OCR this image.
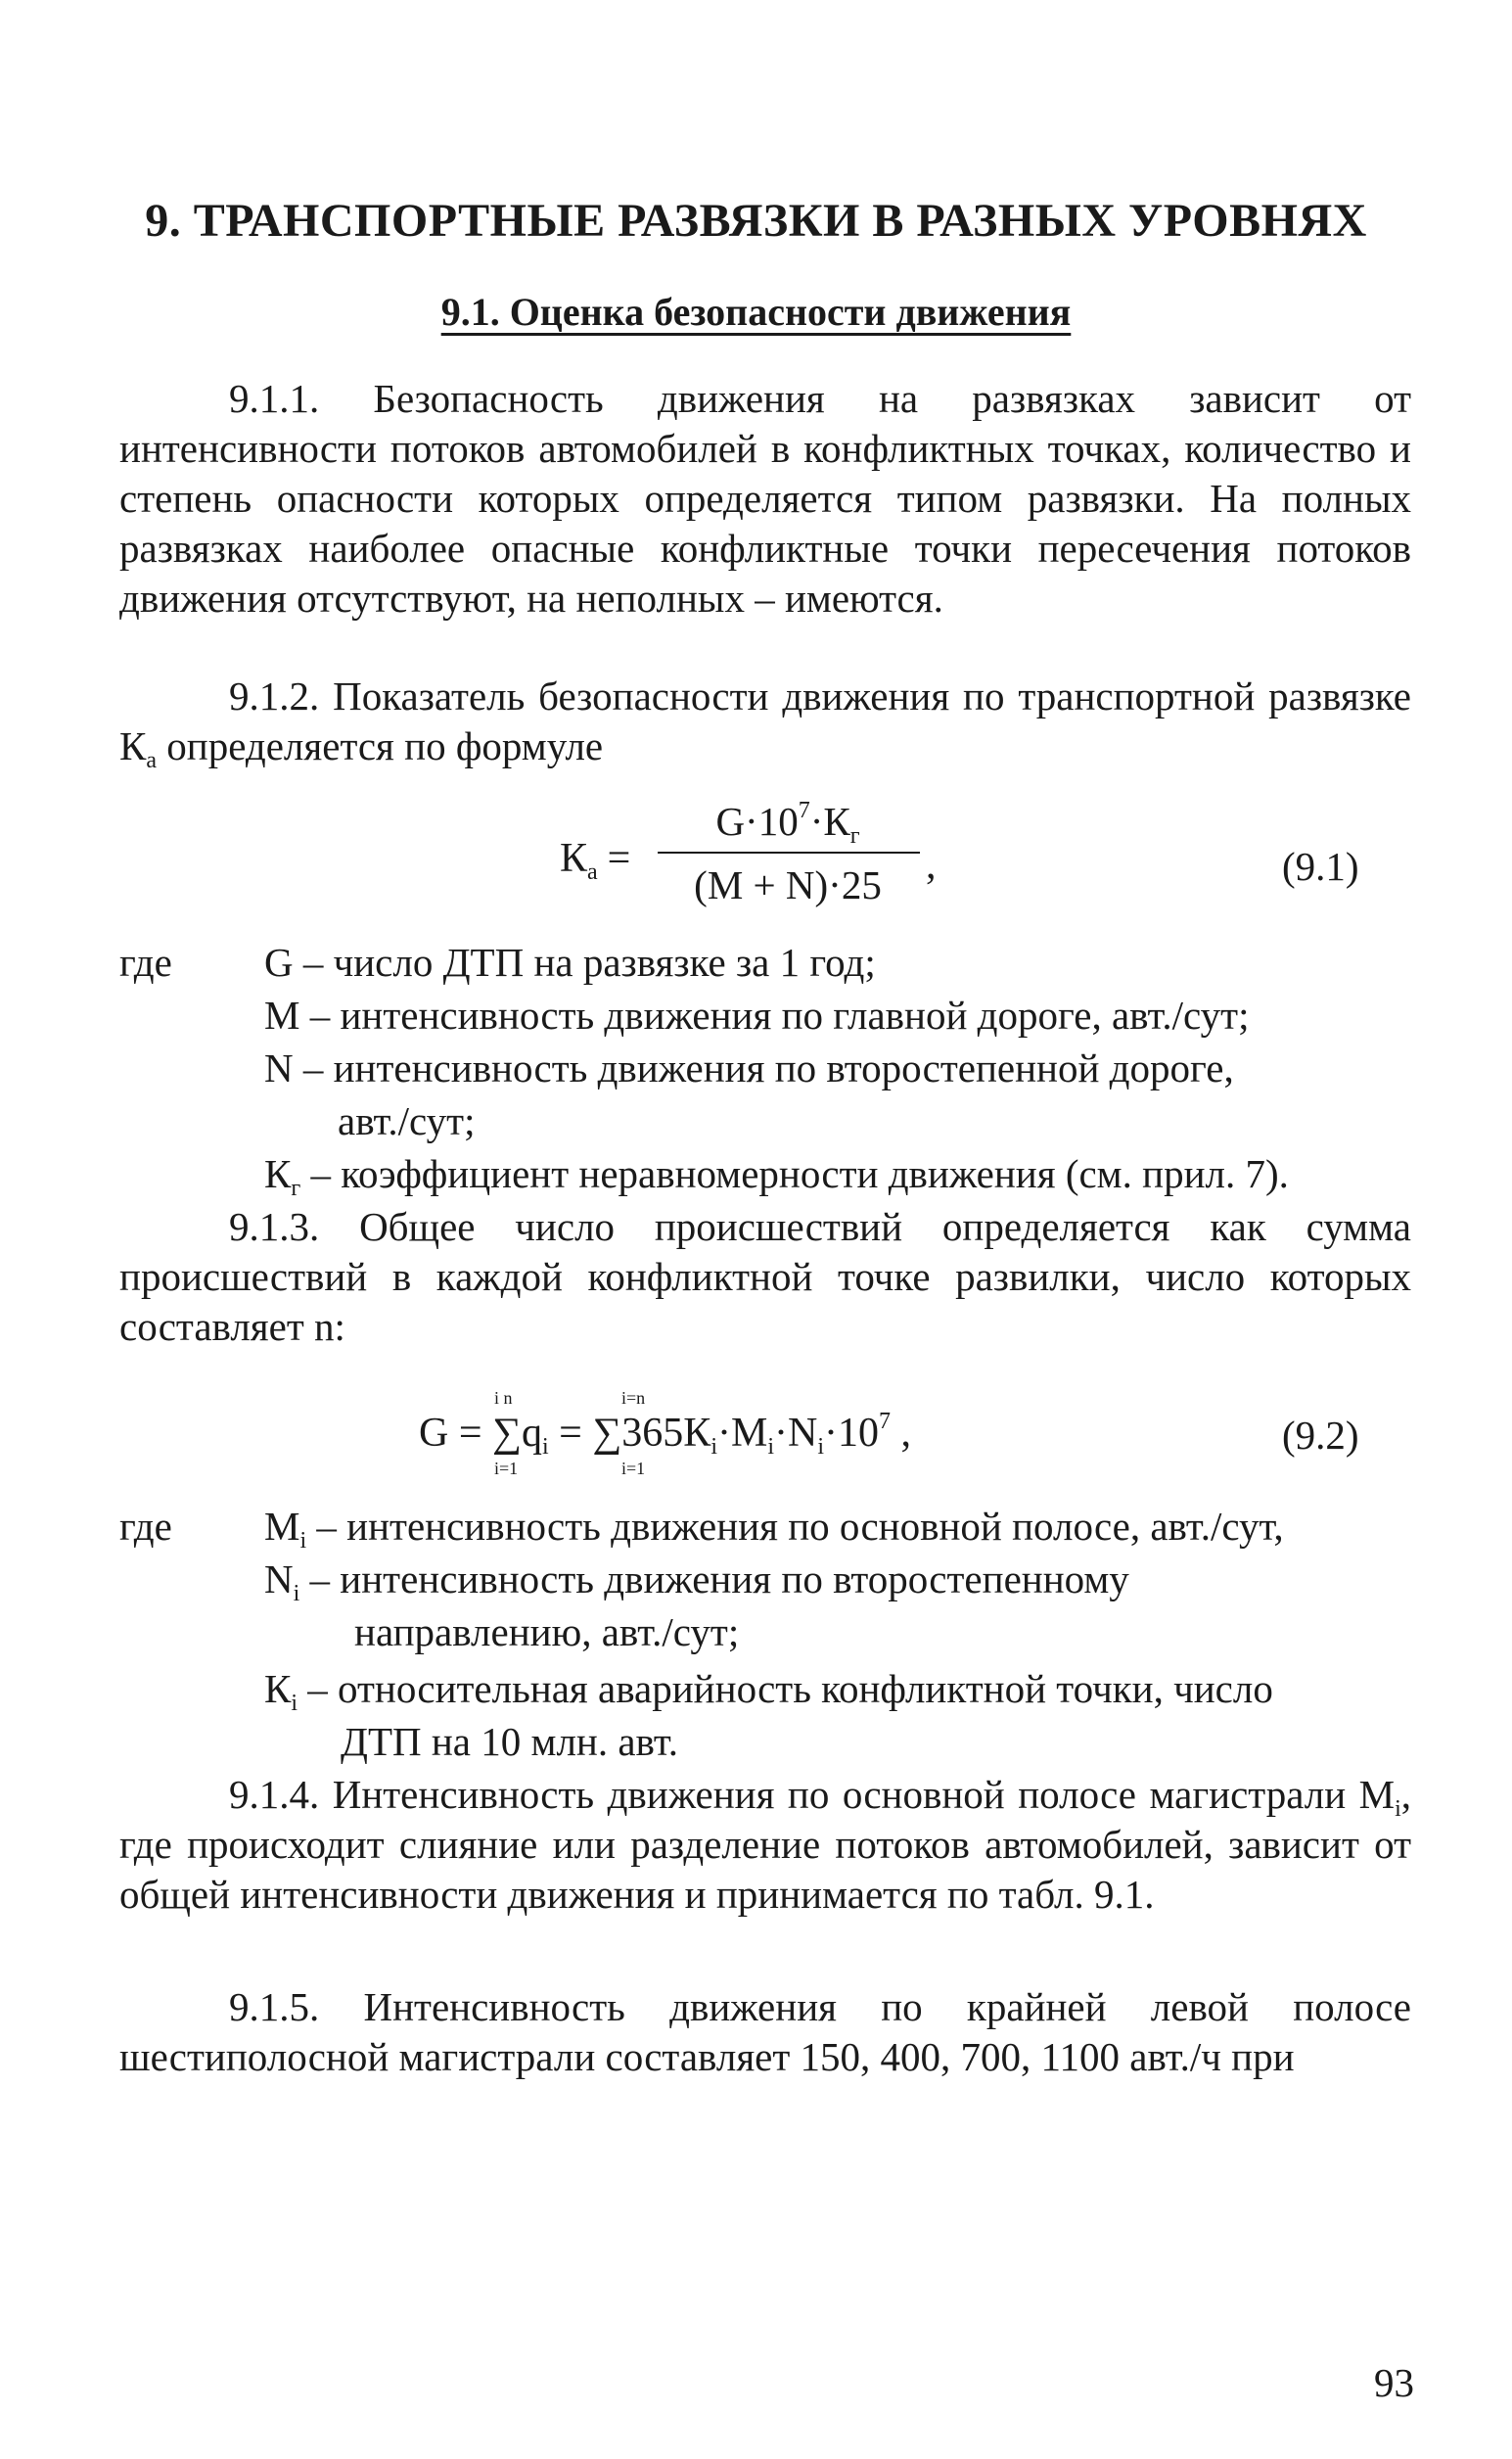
9. ТРАНСПОРТНЫЕ РАЗВЯЗКИ В РАЗНЫХ УРОВНЯХ
9.1. Оценка безопасности движения

9.1.1. Безопасность движения на развязках зависит от интенсивности потоков автомобилей в конфликтных точках, количество и степень опасности которых определяется типом развязки. На полных развязках наиболее опасные конфликтные точки пересечения потоков движения отсутствуют, на неполных – имеются.

9.1.2. Показатель безопасности движения по транспортной развязке $К_а$ определяется по формуле

$К_а$ =
$G\cdot 10^7\cdot К_г$
(M + N)·25	,	(9.1)
где G – число ДТП на развязке за 1 год;
M – интенсивность движения по главной дороге, авт./сут;
N – интенсивность движения по второстепенной дороге,
авт./сут;
$К_г$ – коэффициент неравномерности движения (см. прил. 7).

9.1.3. Общее число происшествий определяется как сумма происшествий в каждой конфликтной точке развилки, число которых составляет n:

i n
i=1
i=n
i=1
$G = \sum q_i = \sum 365К_i\cdot M_i\cdot N_i\cdot 10^7$ ,	(9.2)
где $M_i$ – интенсивность движения по основной полосе, авт./сут,
$N_i$ – интенсивность движения по второстепенному
направлению, авт./сут;
$К_i$ – относительная аварийность конфликтной точки, число
ДТП на 10 млн. авт.

9.1.4. Интенсивность движения по основной полосе магистрали $M_i$, где происходит слияние или разделение потоков автомобилей, зависит от общей интенсивности движения и принимается по табл. 9.1.

9.1.5. Интенсивность движения по крайней левой полосе шестиполосной магистрали составляет 150, 400, 700, 1100 авт./ч при

93
